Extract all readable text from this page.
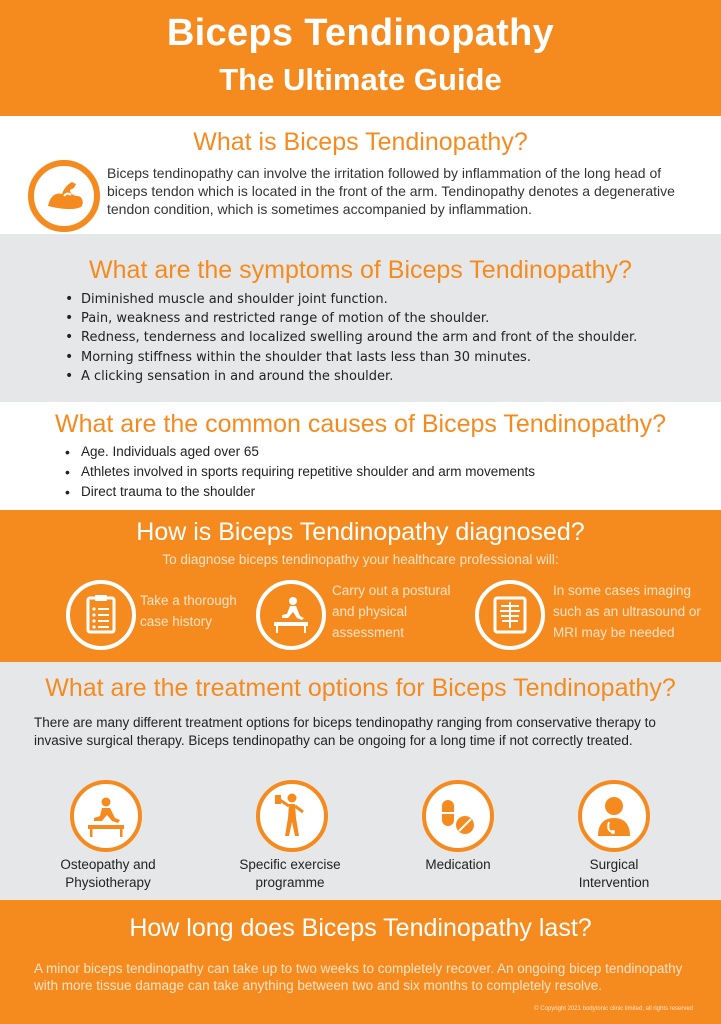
Biceps Tendinopathy
The Ultimate Guide
What is Biceps Tendinopathy?

Biceps tendinopathy can involve the irritation followed by inflammation of the long head of biceps tendon which is located in the front of the arm. Tendinopathy denotes a degenerative tendon condition, which is sometimes accompanied by inflammation.

What are the symptoms of Biceps Tendinopathy?
• Diminished muscle and shoulder joint function.
• Pain, weakness and restricted range of motion of the shoulder.
• Redness, tenderness and localized swelling around the arm and front of the shoulder.
• Morning stiffness within the shoulder that lasts less than 30 minutes.
• A clicking sensation in and around the shoulder.
What are the common causes of Biceps Tendinopathy?
• Age. Individuals aged over 65
• Athletes involved in sports requiring repetitive shoulder and arm movements
• Direct trauma to the shoulder
How is Biceps Tendinopathy diagnosed?
To diagnose biceps tendinopathy your healthcare professional will:
Take a thorough case history
Carry out a postural and physical assessment
In some cases imaging such as an ultrasound or MRI may be needed
What are the treatment options for Biceps Tendinopathy?

There are many different treatment options for biceps tendinopathy ranging from conservative therapy to invasive surgical therapy. Biceps tendinopathy can be ongoing for a long time if not correctly treated.

Osteopathy and Physiotherapy
Specific exercise programme
Medication	Surgical Intervention
How long does Biceps Tendinopathy last?

A minor biceps tendinopathy can take up to two weeks to completely recover. An ongoing bicep tendinopathy with more tissue damage can take anything between two and six months to completely resolve.

© Copyright 2021 bodytonic clinic limited, all rights reserved
